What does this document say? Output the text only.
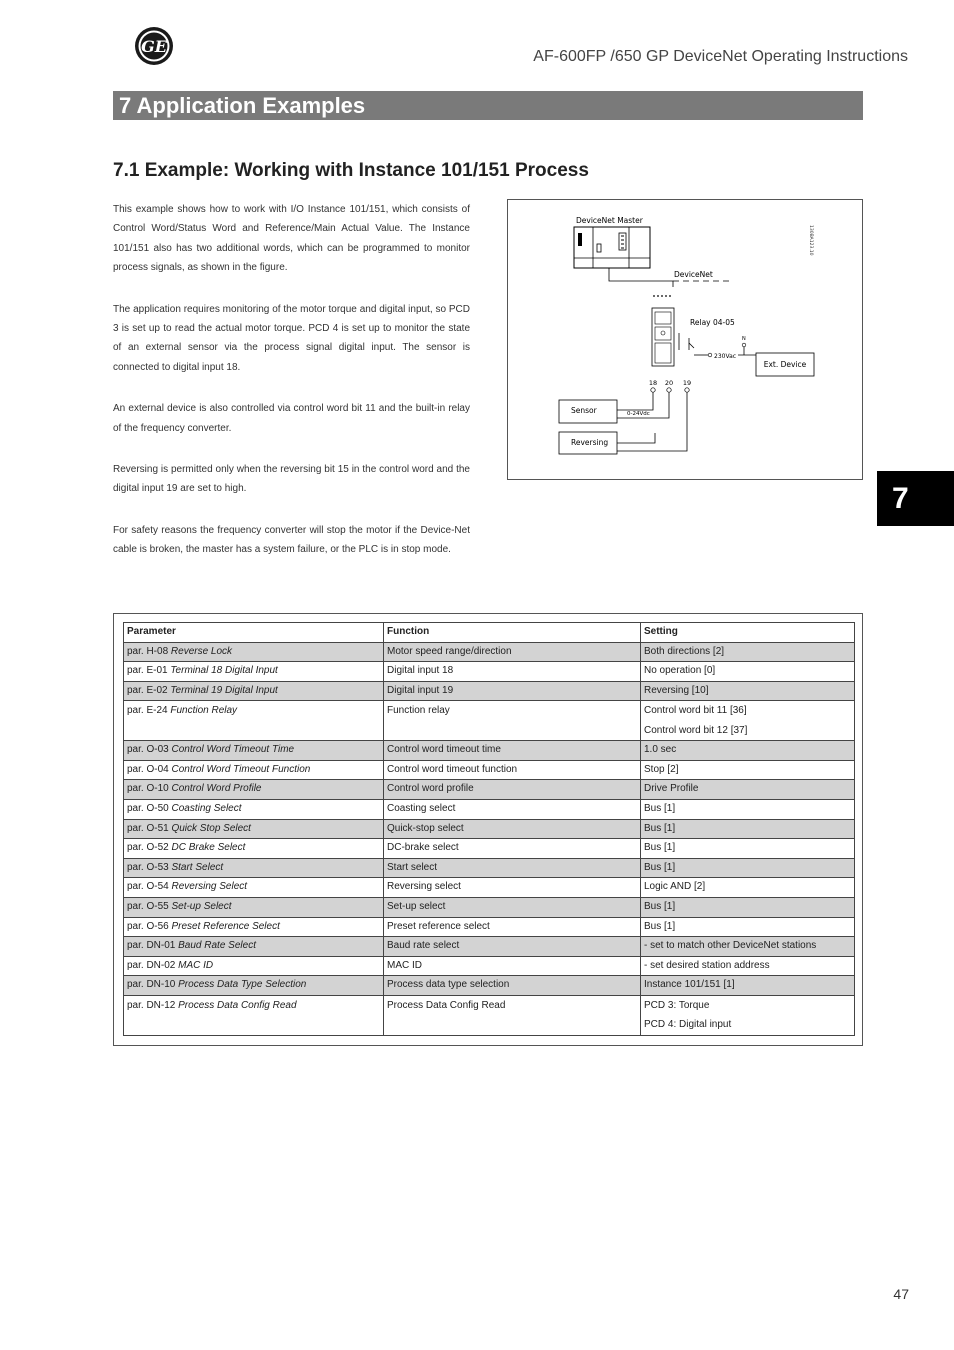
GE
AF-600FP /650 GP DeviceNet Operating Instructions
7 Application Examples
7.1 Example: Working with Instance 101/151 Process

This example shows how to work with I/O Instance 101/151, which consists of Control Word/Status Word and Reference/Main Actual Value. The Instance 101/151 also has two additional words, which can be programmed to monitor process signals, as shown in the figure.

The application requires monitoring of the motor torque and digital input, so PCD 3 is set up to read the actual motor torque. PCD 4 is set up to monitor the state of an external sensor via the process signal digital input. The sensor is connected to digital input 18.

An external device is also controlled via control word bit 11 and the built-in relay of the frequency converter.

Reversing is permitted only when the reversing bit 15 in the control word and the digital input 19 are set to high.

For safety reasons the frequency converter will stop the motor if the Device-Net cable is broken, the master has a system failure, or the PLC is in stop mode.

DeviceNet Master
130BA123.10
DeviceNet
Relay 04-05
230Vac
N
Ext. Device
18 20 19
Sensor	0-24Vdc
Reversing
7
Parameter	Function	Setting
par. H-08 Reverse Lock	Motor speed range/direction	Both directions [2]
par. E-01 Terminal 18 Digital Input	Digital input 18	No operation [0]
par. E-02 Terminal 19 Digital Input	Digital input 19	Reversing [10]
par. E-24 Function Relay	Function relay	Control word bit 11 [36]
Control word bit 12 [37]

par. O-03 Control Word Timeout Time	Control word timeout time	1.0 sec
par. O-04 Control Word Timeout Function	Control word timeout function	Stop [2]
par. O-10 Control Word Profile	Control word profile	Drive Profile
par. O-50 Coasting Select	Coasting select	Bus [1]
par. O-51 Quick Stop Select	Quick-stop select	Bus [1]
par. O-52 DC Brake Select	DC-brake select	Bus [1]
par. O-53 Start Select	Start select	Bus [1]
par. O-54 Reversing Select	Reversing select	Logic AND [2]
par. O-55 Set-up Select	Set-up select	Bus [1]
par. O-56 Preset Reference Select	Preset reference select	Bus [1]
par. DN-01 Baud Rate Select	Baud rate select	- set to match other DeviceNet stations
par. DN-02 MAC ID	MAC ID	- set desired station address
par. DN-10 Process Data Type Selection	Process data type selection	Instance 101/151 [1]
par. DN-12 Process Data Config Read	Process Data Config Read	PCD 3: Torque
PCD 4: Digital input
47
